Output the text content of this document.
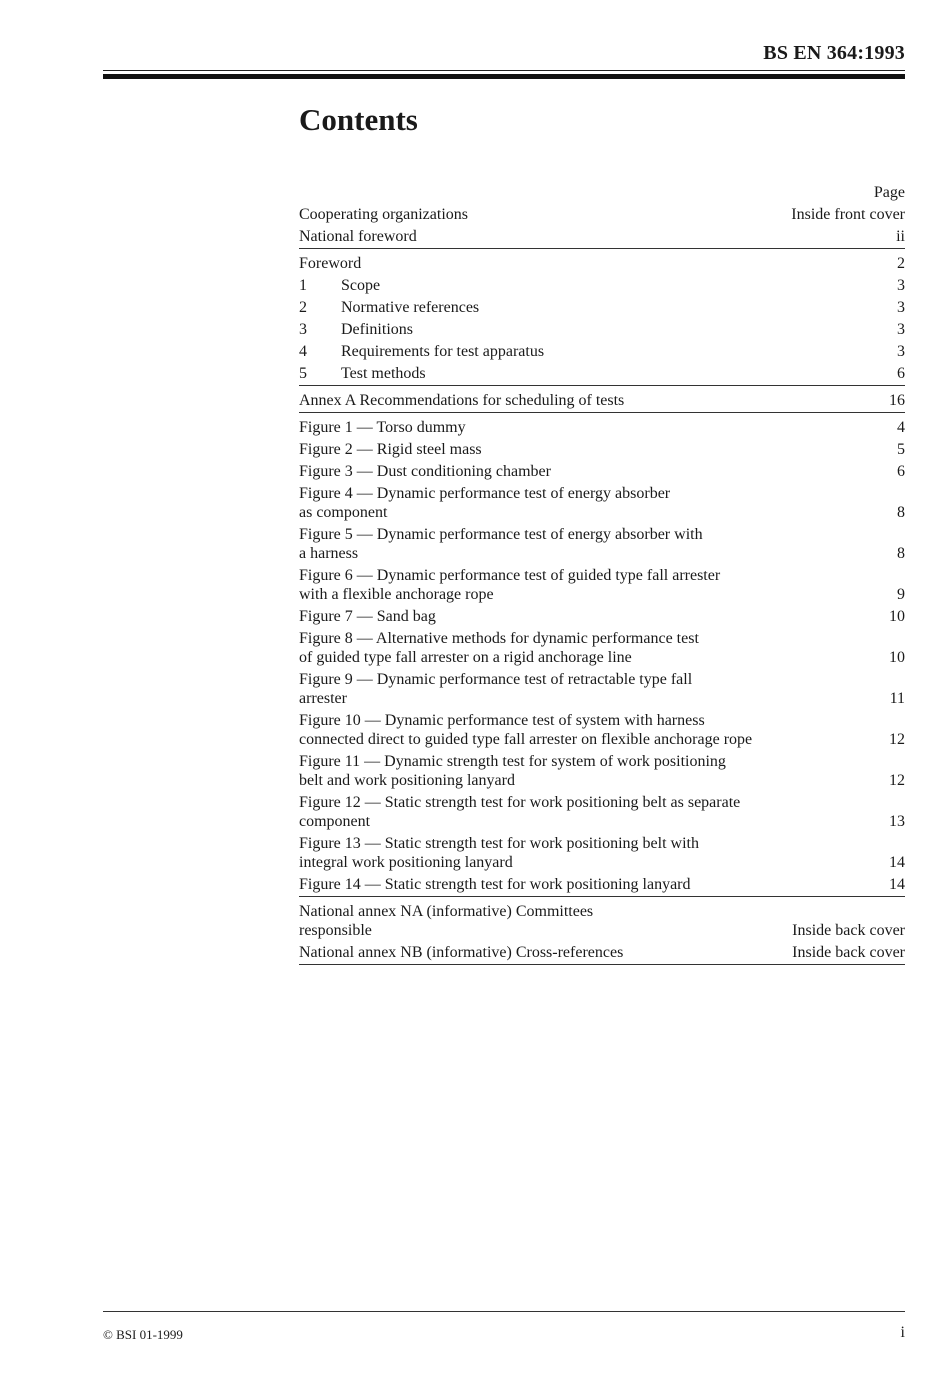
BS EN 364:1993
Contents
Page
Cooperating organizations	Inside front cover
National foreword	ii
Foreword	2
1 Scope	3
2 Normative references	3
3 Definitions	3
4 Requirements for test apparatus	3
5 Test methods	6
Annex A Recommendations for scheduling of tests	16
Figure 1 — Torso dummy	4
Figure 2 — Rigid steel mass	5
Figure 3 — Dust conditioning chamber	6
Figure 4 — Dynamic performance test of energy absorber
as component	8
Figure 5 — Dynamic performance test of energy absorber with
a harness	8
Figure 6 — Dynamic performance test of guided type fall arrester
with a flexible anchorage rope	9
Figure 7 — Sand bag	10
Figure 8 — Alternative methods for dynamic performance test
of guided type fall arrester on a rigid anchorage line	10
Figure 9 — Dynamic performance test of retractable type fall
arrester	11
Figure 10 — Dynamic performance test of system with harness
connected direct to guided type fall arrester on flexible anchorage rope	12
Figure 11 — Dynamic strength test for system of work positioning
belt and work positioning lanyard	12
Figure 12 — Static strength test for work positioning belt as separate
component	13
Figure 13 — Static strength test for work positioning belt with
integral work positioning lanyard	14
Figure 14 — Static strength test for work positioning lanyard	14
National annex NA (informative) Committees
responsible	Inside back cover
National annex NB (informative) Cross-references	Inside back cover
© BSI 01-1999	i
